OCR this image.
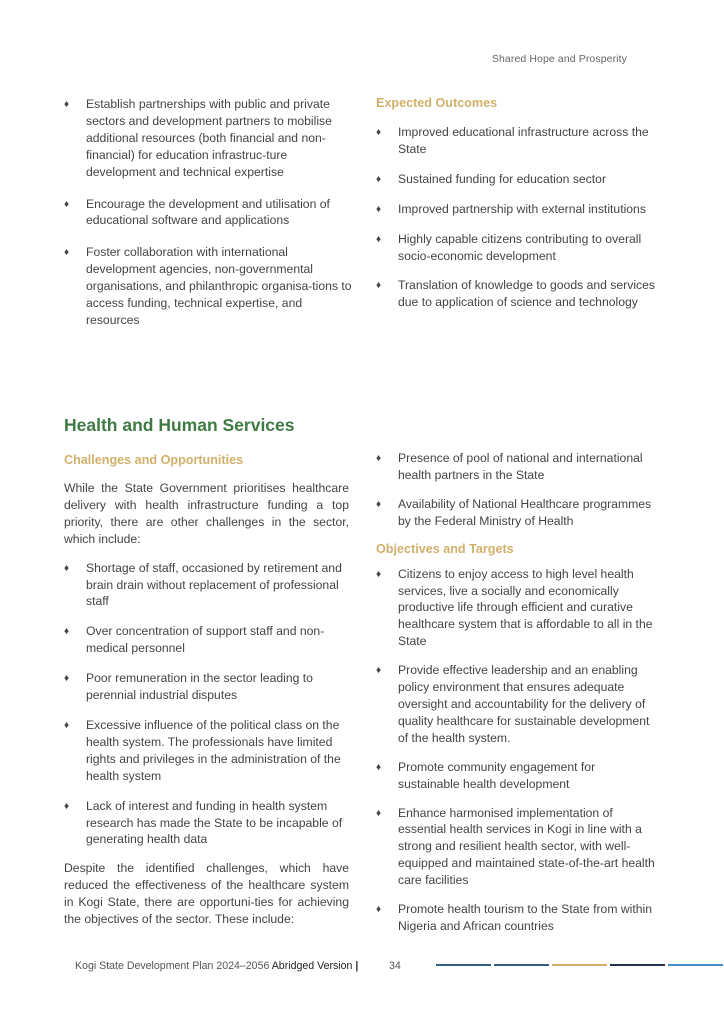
Shared Hope and Prosperity
♦ Establish partnerships with public and private sectors and development partners to mobilise additional resources (both financial and non-financial) for education infrastruc-ture development and technical expertise
♦ Encourage the development and utilisation of educational software and applications
♦ Foster collaboration with international development agencies, non-governmental organisations, and philanthropic organisa-tions to access funding, technical expertise, and resources
Expected Outcomes
♦ Improved educational infrastructure across the State
♦ Sustained funding for education sector
♦ Improved partnership with external institutions
♦ Highly capable citizens contributing to overall socio-economic development
♦ Translation of knowledge to goods and services due to application of science and technology
Health and Human Services
Challenges and Opportunities

While the State Government prioritises healthcare delivery with health infrastructure funding a top priority, there are other challenges in the sector, which include:

♦ Shortage of staff, occasioned by retirement and brain drain without replacement of professional staff
♦ Over concentration of support staff and non-medical personnel
♦ Poor remuneration in the sector leading to perennial industrial disputes
♦ Excessive influence of the political class on the health system. The professionals have limited rights and privileges in the administration of the health system
♦ Lack of interest and funding in health system research has made the State to be incapable of generating health data

Despite the identified challenges, which have reduced the effectiveness of the healthcare system in Kogi State, there are opportuni-ties for achieving the objectives of the sector. These include:

♦ Presence of pool of national and international health partners in the State
♦ Availability of National Healthcare programmes by the Federal Ministry of Health
Objectives and Targets
♦ Citizens to enjoy access to high level health services, live a socially and economically productive life through efficient and curative healthcare system that is affordable to all in the State
♦ Provide effective leadership and an enabling policy environment that ensures adequate oversight and accountability for the delivery of quality healthcare for sustainable development of the health system.
♦ Promote community engagement for sustainable health development
♦ Enhance harmonised implementation of essential health services in Kogi in line with a strong and resilient health sector, with well-equipped and maintained state-of-the-art health care facilities
♦ Promote health tourism to the State from within Nigeria and African countries
Kogi State Development Plan 2024–2056 Abridged Version |	34
